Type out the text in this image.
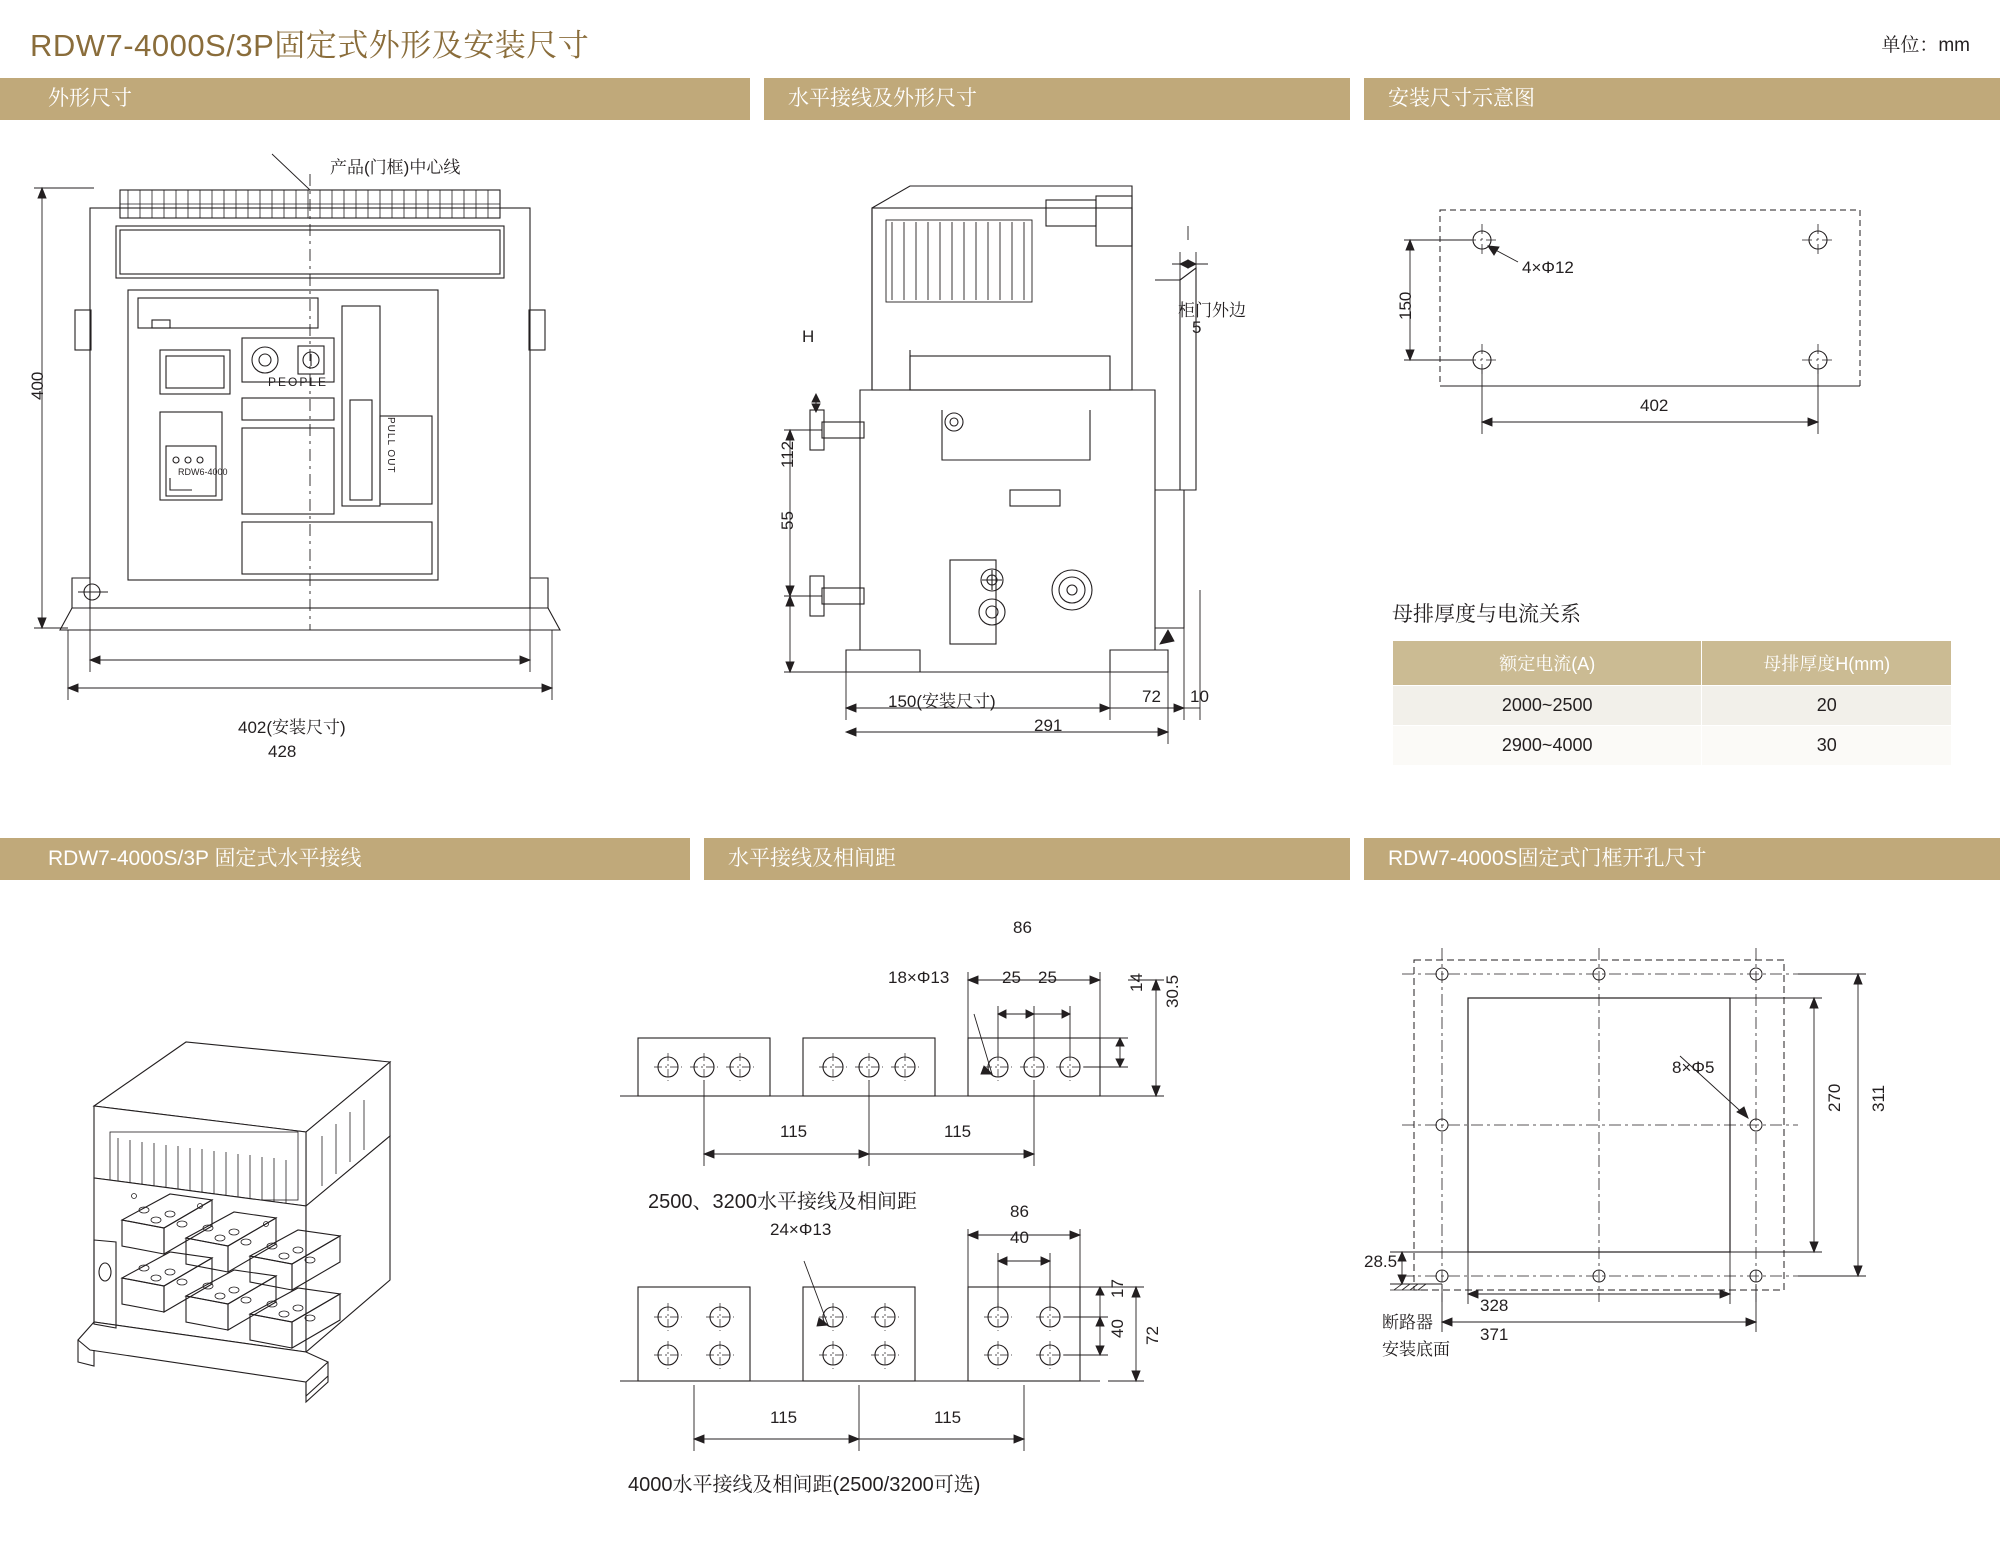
RDW7-4000S/3P固定式外形及安装尺寸	单位：mm
外形尺寸	水平接线及外形尺寸	安装尺寸示意图
产品(门框)中心线
400
402(安装尺寸)
428
PEOPLE
RDW6-4000	PULL OUT
柜门外边
5
H
112
55
150(安装尺寸)
291
72 10
4×Φ12
150
402
母排厚度与电流关系
额定电流(A)	母排厚度H(mm)
2000~2500	20
2900~4000	30
RDW7-4000S/3P 固定式水平接线	水平接线及相间距	RDW7-4000S固定式门框开孔尺寸
18×Φ13
86
25 25	14 30.5
115	115
2500、3200水平接线及相间距
24×Φ13
86
40
40
17
72
115	115
4000水平接线及相间距(2500/3200可选)
8×Φ5
270 311
328
371
28.5
断路器
安装底面
